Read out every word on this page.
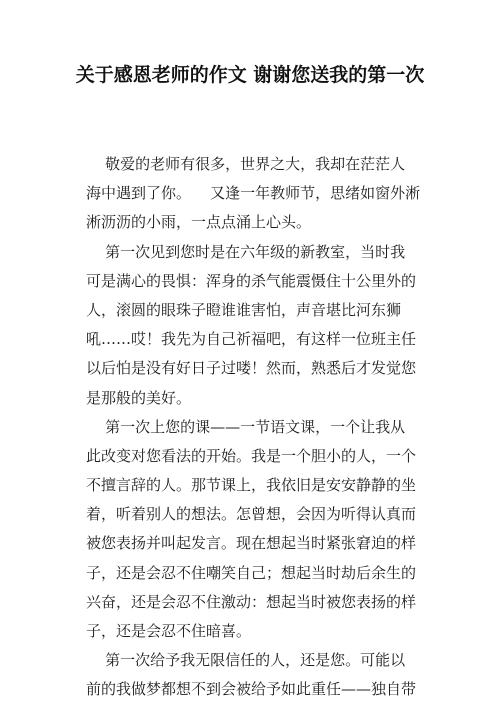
关于感恩老师的作文 谢谢您送我的第一次
敬爱的老师有很多，世界之大，我却在茫茫人
海中遇到了你。    又逢一年教师节，思绪如窗外淅
淅沥沥的小雨，一点点涌上心头。
第一次见到您时是在六年级的新教室，当时我
可是满心的畏惧：浑身的杀气能震慑住十公里外的
人，滚圆的眼珠子瞪谁谁害怕，声音堪比河东狮
吼……哎！我先为自己祈福吧，有这样一位班主任
以后怕是没有好日子过喽！然而，熟悉后才发觉您
是那般的美好。
第一次上您的课——一节语文课，一个让我从
此改变对您看法的开始。我是一个胆小的人，一个
不擅言辞的人。那节课上，我依旧是安安静静的坐
着，听着别人的想法。怎曾想，会因为听得认真而
被您表扬并叫起发言。现在想起当时紧张窘迫的样
子，还是会忍不住嘲笑自己；想起当时劫后余生的
兴奋，还是会忍不住激动：想起当时被您表扬的样
子，还是会忍不住暗喜。
第一次给予我无限信任的人，还是您。可能以
前的我做梦都想不到会被给予如此重任——独自带
